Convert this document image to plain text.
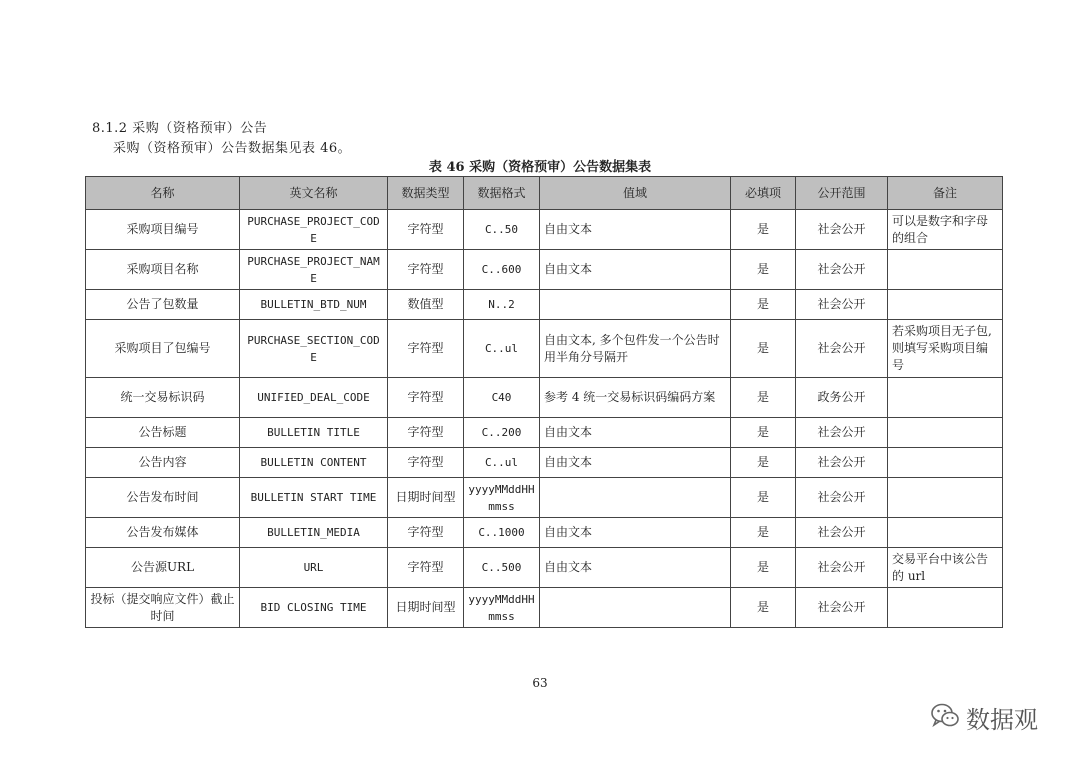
8.1.2 采购（资格预审）公告
采购（资格预审）公告数据集见表 46。
表 46 采购（资格预审）公告数据集表
名称	英文名称	数据类型	数据格式	值域	必填项	公开范围	备注
采购项目编号	PURCHASE_PROJECT_CODE	字符型	C..50	自由文本	是	社会公开	可以是数字和字母的组合
采购项目名称	PURCHASE_PROJECT_NAME	字符型	C..600	自由文本	是	社会公开	
公告了包数量	BULLETIN_BTD_NUM	数值型	N..2		是	社会公开	
采购项目了包编号	PURCHASE_SECTION_CODE	字符型	C..ul	自由文本, 多个包件发一个公告时用半角分号隔开	是	社会公开	若采购项目无子包, 则填写采购项目编号
统一交易标识码	UNIFIED_DEAL_CODE	字符型	C40	参考 4 统一交易标识码编码方案	是	政务公开	
公告标题	BULLETIN TITLE	字符型	C..200	自由文本	是	社会公开	
公告内容	BULLETIN CONTENT	字符型	C..ul	自由文本	是	社会公开	
公告发布时间	BULLETIN START TIME	日期时间型	yyyyMMddHHmmss		是	社会公开	
公告发布媒体	BULLETIN_MEDIA	字符型	C..1000	自由文本	是	社会公开	
公告源URL	URL	字符型	C..500	自由文本	是	社会公开	交易平台中该公告的 url
投标（提交响应文件）截止时间	BID CLOSING TIME	日期时间型	yyyyMMddHHmmss		是	社会公开	
63
数据观
